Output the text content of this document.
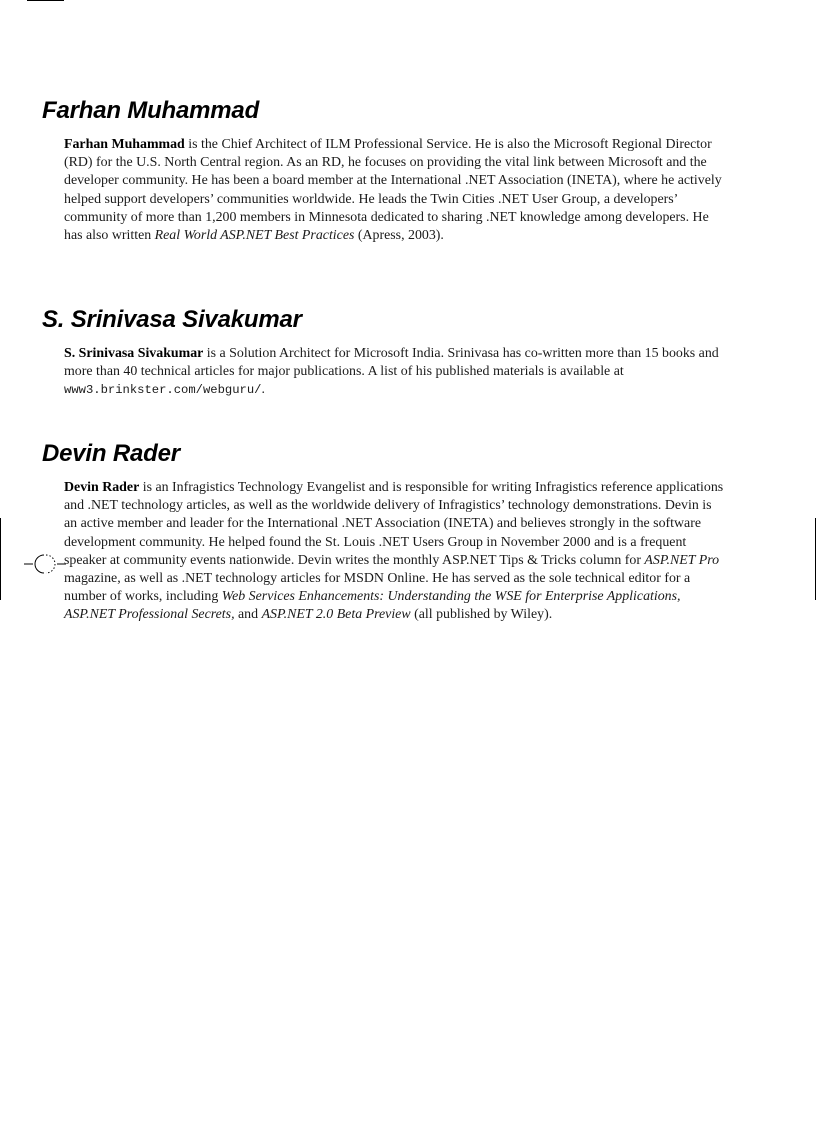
Farhan Muhammad

Farhan Muhammad is the Chief Architect of ILM Professional Service. He is also the Microsoft Regional Director (RD) for the U.S. North Central region. As an RD, he focuses on providing the vital link between Microsoft and the developer community. He has been a board member at the International .NET Association (INETA), where he actively helped support developers’ communities worldwide. He leads the Twin Cities .NET User Group, a developers’ community of more than 1,200 members in Minnesota dedicated to sharing .NET knowledge among developers. He has also written Real World ASP.NET Best Practices (Apress, 2003).

S. Srinivasa Sivakumar

S. Srinivasa Sivakumar is a Solution Architect for Microsoft India. Srinivasa has co-written more than 15 books and more than 40 technical articles for major publications. A list of his published materials is available at www3.brinkster.com/webguru/.

Devin Rader

Devin Rader is an Infragistics Technology Evangelist and is responsible for writing Infragistics reference applications and .NET technology articles, as well as the worldwide delivery of Infragistics’ technology demonstrations. Devin is an active member and leader for the International .NET Association (INETA) and believes strongly in the software development community. He helped found the St. Louis .NET Users Group in November 2000 and is a frequent speaker at community events nationwide. Devin writes the monthly ASP.NET Tips & Tricks column for ASP.NET Pro magazine, as well as .NET technology articles for MSDN Online. He has served as the sole technical editor for a number of works, including Web Services Enhancements: Understanding the WSE for Enterprise Applications, ASP.NET Professional Secrets, and ASP.NET 2.0 Beta Preview (all published by Wiley).
